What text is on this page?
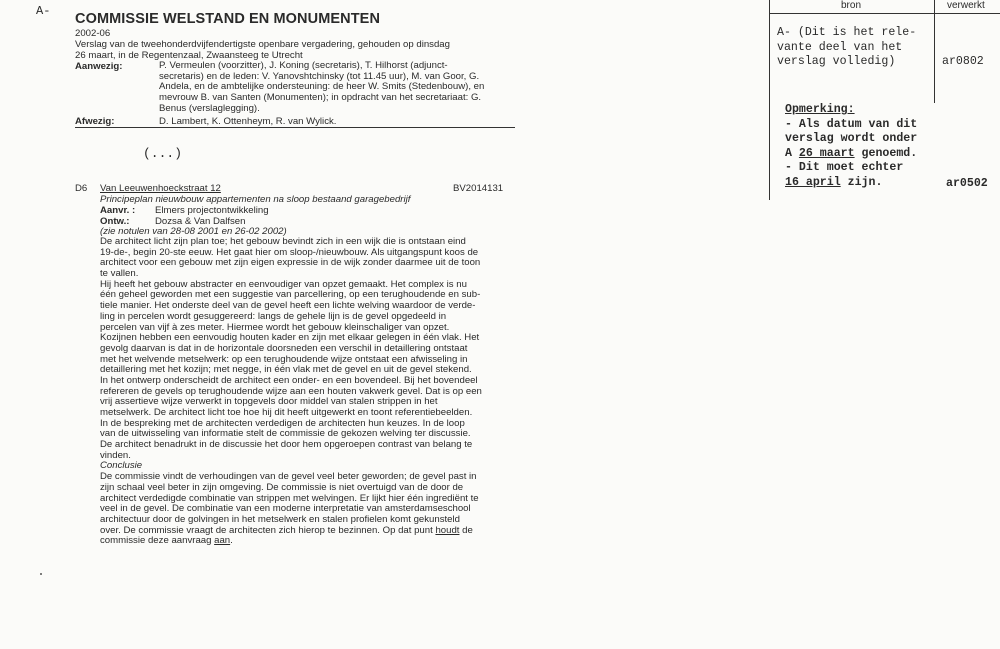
A- COMMISSIE WELSTAND EN MONUMENTEN
2002-06
Verslag van de tweehonderdvijfendertigste openbare vergadering, gehouden op dinsdag
26 maart, in de Regentenzaal, Zwaansteeg te Utrecht
Aanwezig:	P. Vermeulen (voorzitter), J. Koning (secretaris), T. Hilhorst (adjunct-
secretaris) en de leden: V. Yanovshtchinsky (tot 11.45 uur), M. van Goor, G.
Andela, en de ambtelijke ondersteuning: de heer W. Smits (Stedenbouw), en
mevrouw B. van Santen (Monumenten); in opdracht van het secretariaat: G.
Benus (verslaglegging).
Afwezig:	D. Lambert, K. Ottenheym, R. van Wylick.
(...)
D6 Van Leeuwenhoeckstraat 12	BV2014131
Principeplan nieuwbouw appartementen na sloop bestaand garagebedrijf
Aanvr. : Elmers projectontwikkeling
Ontw.:	Dozsa & Van Dalfsen
(zie notulen van 28-08 2001 en 26-02 2002)
De architect licht zijn plan toe; het gebouw bevindt zich in een wijk die is ontstaan eind
19-de-, begin 20-ste eeuw. Het gaat hier om sloop-/nieuwbouw. Als uitgangspunt koos de
architect voor een gebouw met zijn eigen expressie in de wijk zonder daarmee uit de toon
te vallen.
Hij heeft het gebouw abstracter en eenvoudiger van opzet gemaakt. Het complex is nu
één geheel geworden met een suggestie van parcellering, op een terughoudende en sub-
tiele manier. Het onderste deel van de gevel heeft een lichte welving waardoor de verde-
ling in percelen wordt gesuggereerd: langs de gehele lijn is de gevel opgedeeld in
percelen van vijf à zes meter. Hiermee wordt het gebouw kleinschaliger van opzet.
Kozijnen hebben een eenvoudig houten kader en zijn met elkaar gelegen in één vlak. Het
gevolg daarvan is dat in de horizontale doorsneden een verschil in detaillering ontstaat
met het welvende metselwerk: op een terughoudende wijze ontstaat een afwisseling in
detaillering met het kozijn; met negge, in één vlak met de gevel en uit de gevel stekend.
In het ontwerp onderscheidt de architect een onder- en een bovendeel. Bij het bovendeel
refereren de gevels op terughoudende wijze aan een houten vakwerk gevel. Dat is op een
vrij assertieve wijze verwerkt in topgevels door middel van stalen strippen in het
metselwerk. De architect licht toe hoe hij dit heeft uitgewerkt en toont referentiebeelden.
In de bespreking met de architecten verdedigen de architecten hun keuzes. In de loop
van de uitwisseling van informatie stelt de commissie de gekozen welving ter discussie.
De architect benadrukt in de discussie het door hem opgeroepen contrast van belang te
vinden.
Conclusie
De commissie vindt de verhoudingen van de gevel veel beter geworden; de gevel past in
zijn schaal veel beter in zijn omgeving. De commissie is niet overtuigd van de door de
architect verdedigde combinatie van strippen met welvingen. Er lijkt hier één ingrediënt te
veel in de gevel. De combinatie van een moderne interpretatie van amsterdamseschool
architectuur door de golvingen in het metselwerk en stalen profielen komt gekunsteld
over. De commissie vraagt de architecten zich hierop te bezinnen. Op dat punt houdt de
commissie deze aanvraag aan.
bron	verwerkt
A- (Dit is het rele-
vante deel van het
verslag volledig)	ar0802
Opmerking:
- Als datum van dit
verslag wordt onder
A 26 maart genoemd.
- Dit moet echter
16 april zijn.	ar0502
